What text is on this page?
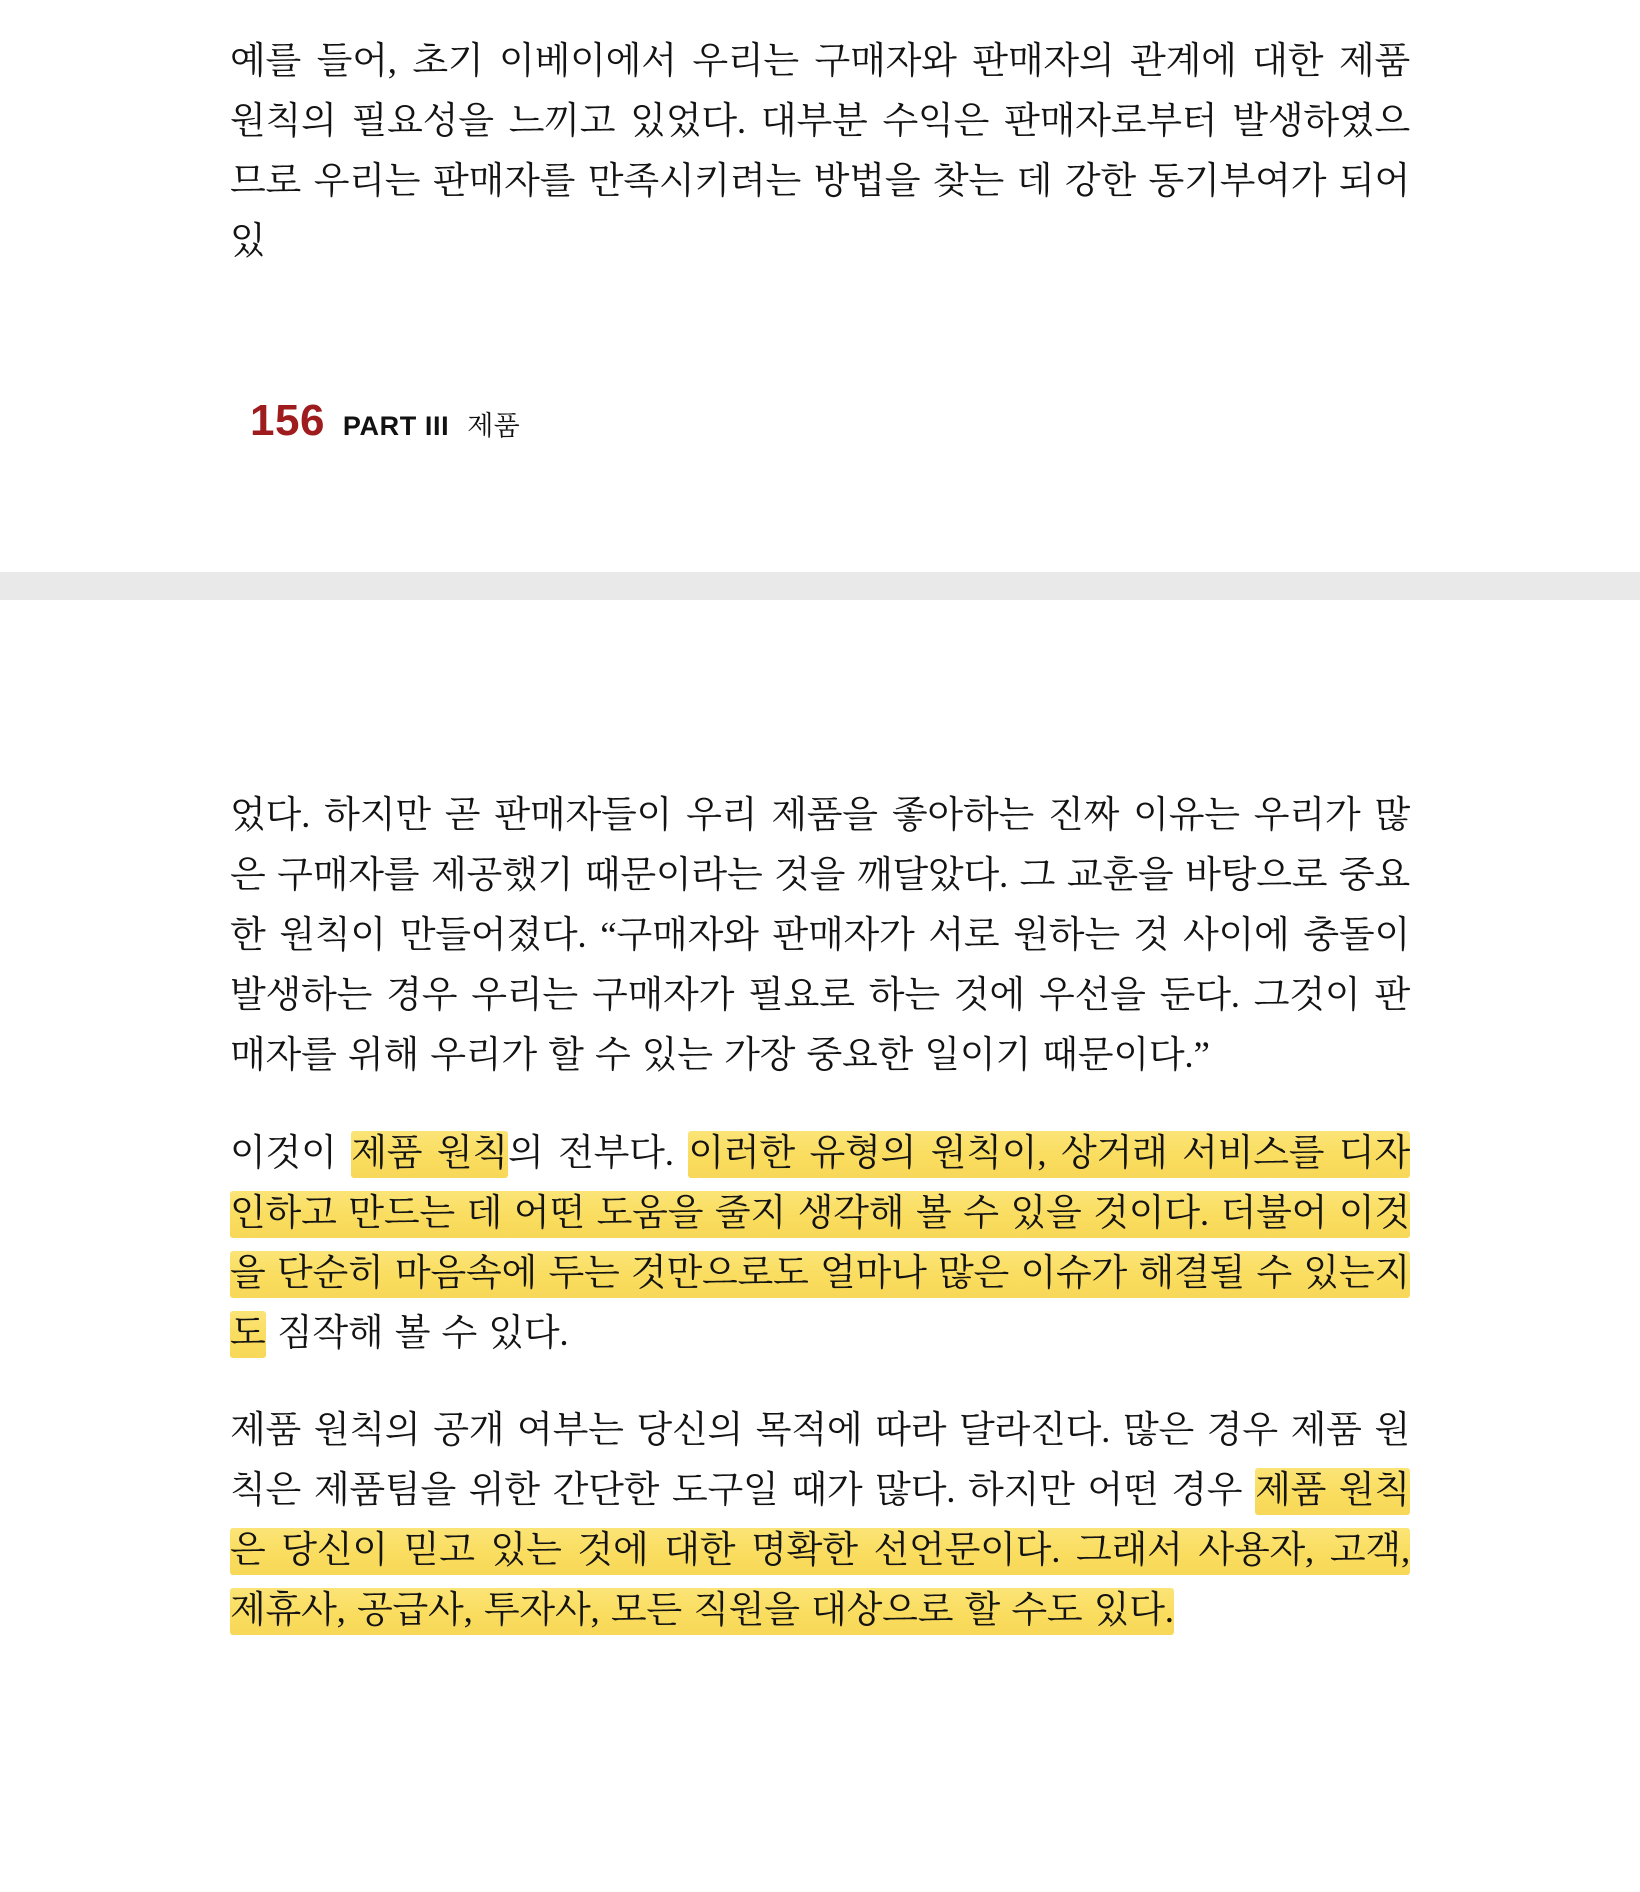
예를 들어, 초기 이베이에서 우리는 구매자와 판매자의 관계에 대한 제품 원칙의 필요성을 느끼고 있었다. 대부분 수익은 판매자로부터 발생하였으므로 우리는 판매자를 만족시키려는 방법을 찾는 데 강한 동기부여가 되어 있

156 PART III 제품

었다. 하지만 곧 판매자들이 우리 제품을 좋아하는 진짜 이유는 우리가 많은 구매자를 제공했기 때문이라는 것을 깨달았다. 그 교훈을 바탕으로 중요한 원칙이 만들어졌다. “구매자와 판매자가 서로 원하는 것 사이에 충돌이 발생하는 경우 우리는 구매자가 필요로 하는 것에 우선을 둔다. 그것이 판매자를 위해 우리가 할 수 있는 가장 중요한 일이기 때문이다.”

이것이 제품 원칙의 전부다. 이러한 유형의 원칙이, 상거래 서비스를 디자인하고 만드는 데 어떤 도움을 줄지 생각해 볼 수 있을 것이다. 더불어 이것을 단순히 마음속에 두는 것만으로도 얼마나 많은 이슈가 해결될 수 있는지도 짐작해 볼 수 있다.

제품 원칙의 공개 여부는 당신의 목적에 따라 달라진다. 많은 경우 제품 원칙은 제품팀을 위한 간단한 도구일 때가 많다. 하지만 어떤 경우 제품 원칙은 당신이 믿고 있는 것에 대한 명확한 선언문이다. 그래서 사용자, 고객, 제휴사, 공급사, 투자사, 모든 직원을 대상으로 할 수도 있다.
